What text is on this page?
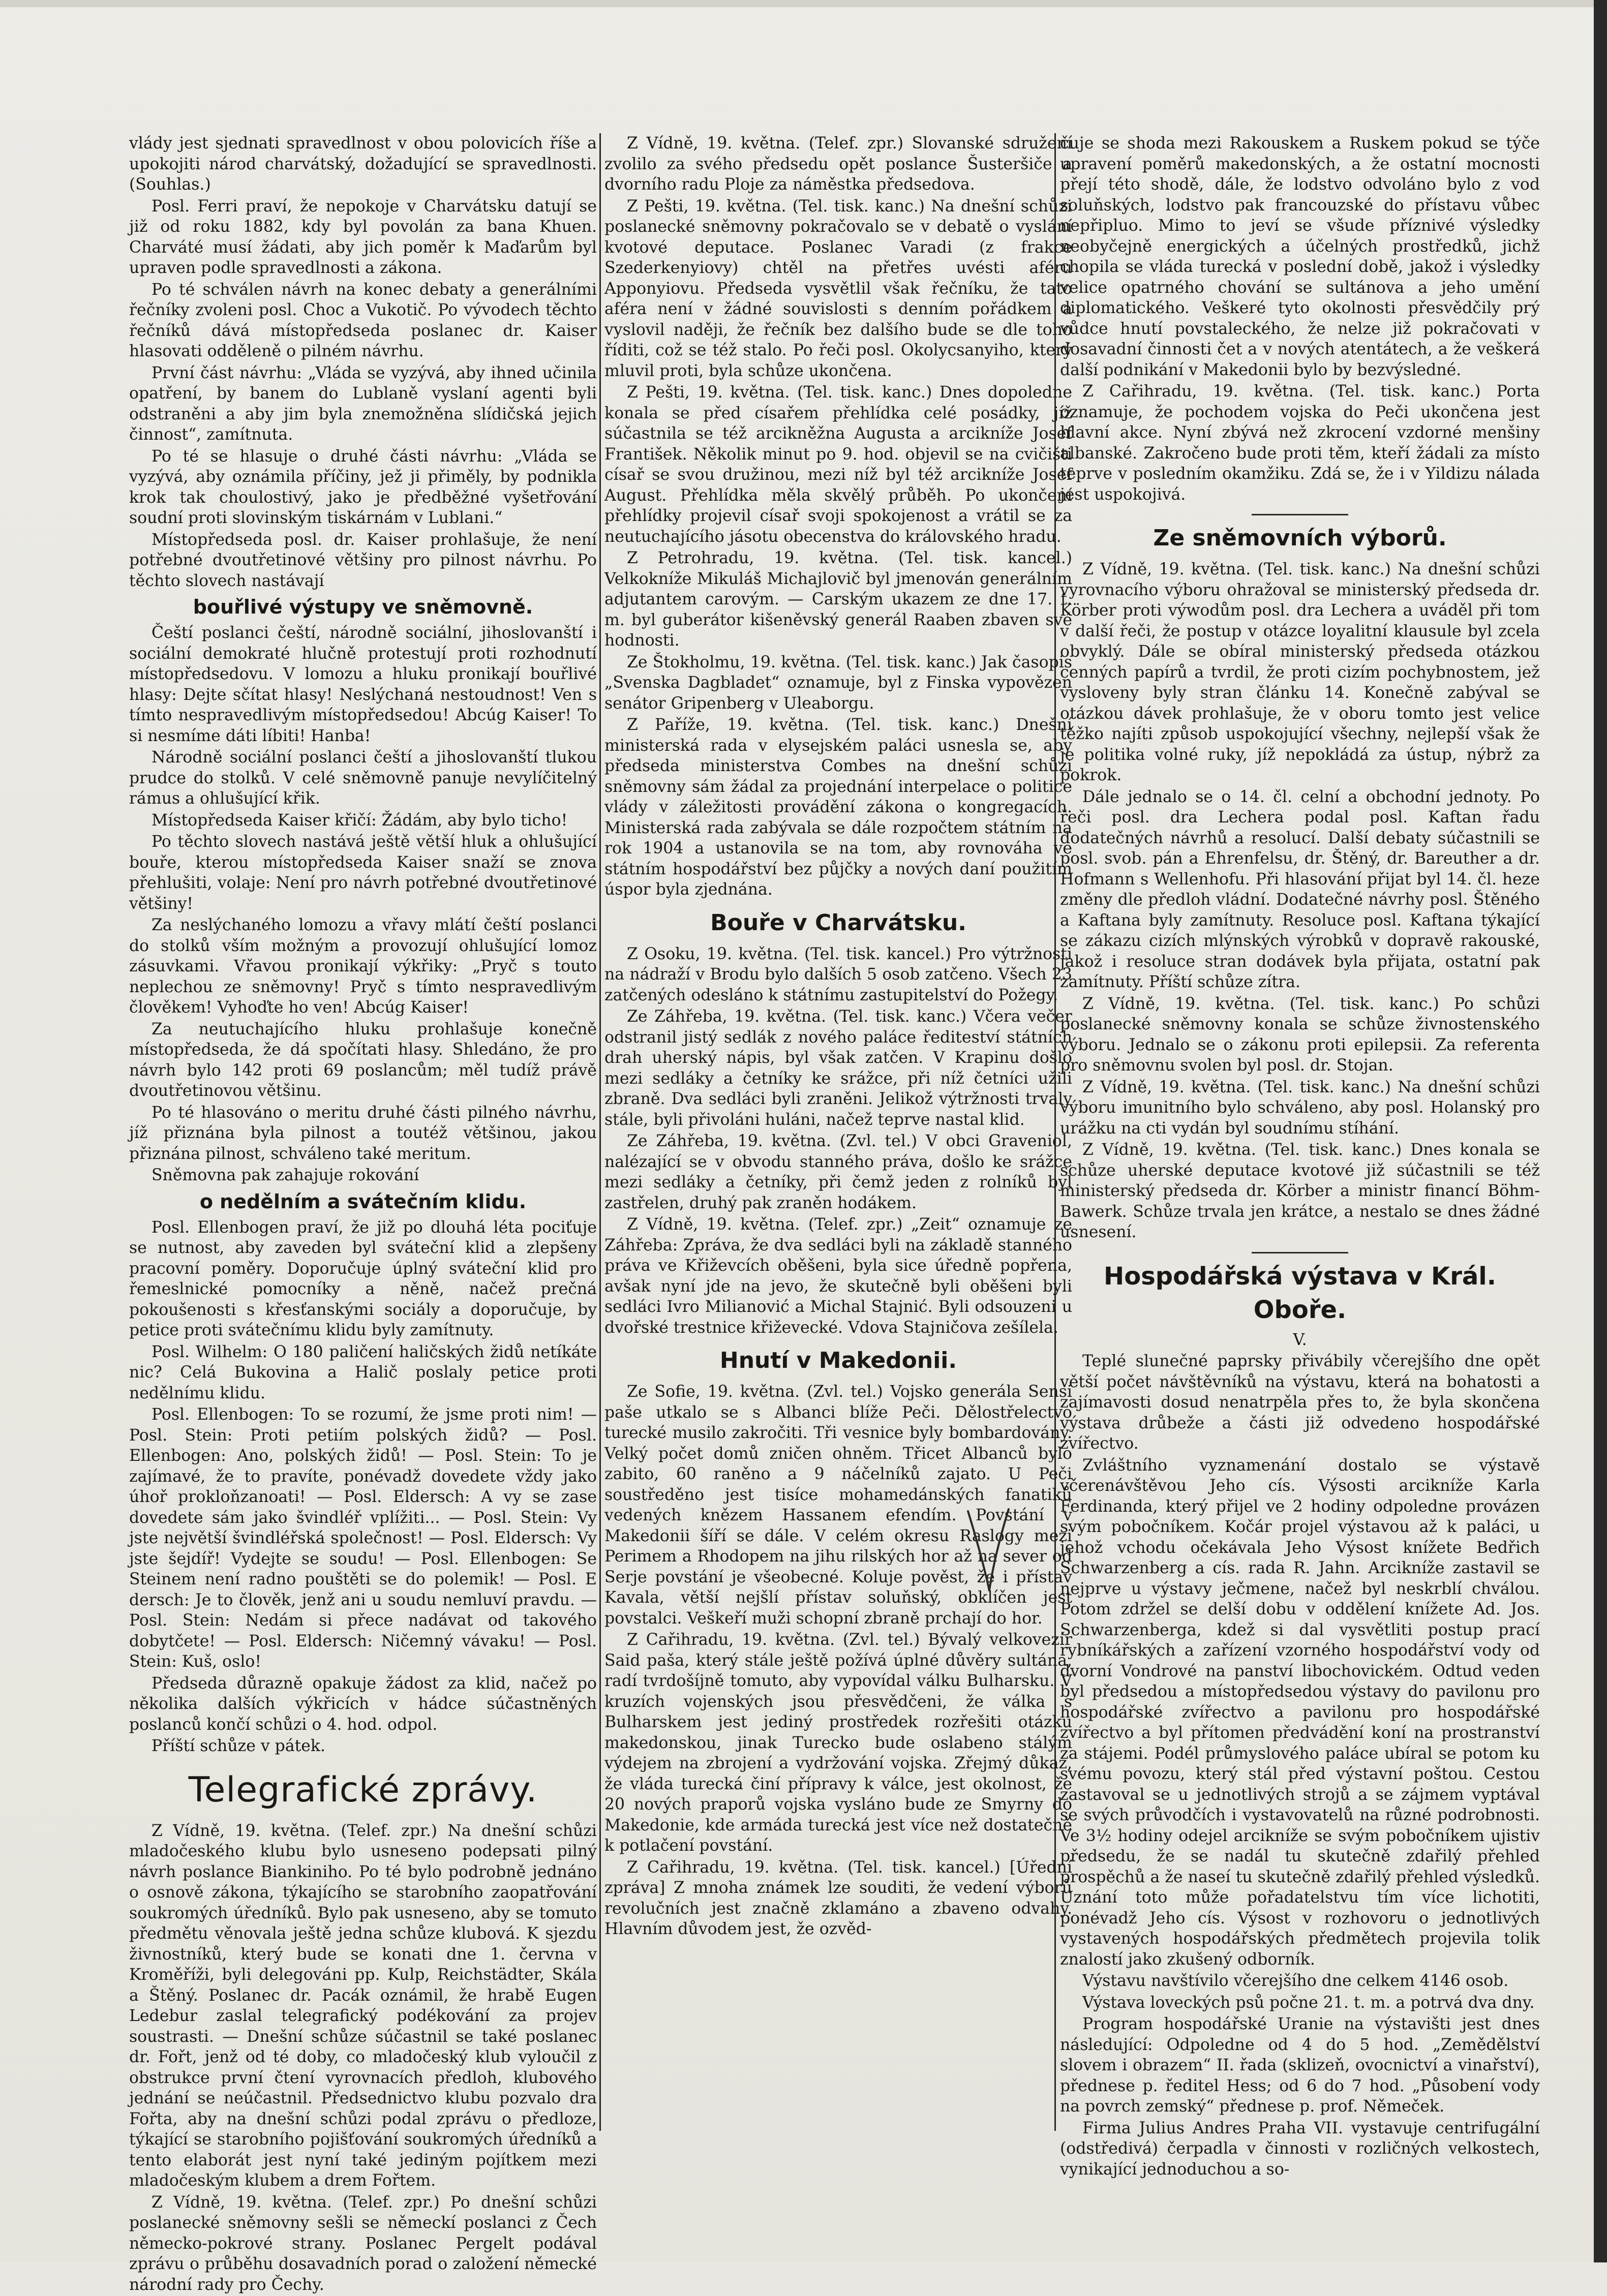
vlády jest sjednati spravedlnost v obou polovicích říše a upokojiti národ charvátský, dožadující se spravedlnosti. (Souhlas.)

Posl. Ferri praví, že nepokoje v Charvátsku datují se již od roku 1882, kdy byl povolán za bana Khuen. Charváté musí žádati, aby jich poměr k Maďarům byl upraven podle spravedlnosti a zákona.

Po té schválen návrh na konec debaty a generálními řečníky zvoleni posl. Choc a Vukotič. Po vývodech těchto řečníků dává místopředseda poslanec dr. Kaiser hlasovati odděleně o pilném návrhu.

První část návrhu: „Vláda se vyzývá, aby ihned učinila opatření, by banem do Lublaně vyslaní agenti byli odstraněni a aby jim byla znemožněna slídičská jejich činnost“, zamítnuta.

Po té se hlasuje o druhé části návrhu: „Vláda se vyzývá, aby oznámila příčiny, jež ji přiměly, by podnikla krok tak choulostivý, jako je předběžné vyšetřování soudní proti slovinským tiskárnám v Lublani.“

Místopředseda posl. dr. Kaiser prohlašuje, že není potřebné dvoutřetinové většiny pro pilnost návrhu. Po těchto slovech nastávají

bouřlivé výstupy ve sněmovně.

Čeští poslanci čeští, národně sociální, jihoslovanští i sociální demokraté hlučně protestují proti rozhodnutí místopředsedovu. V lomozu a hluku pronikají bouřlivé hlasy: Dejte sčítat hlasy! Neslýchaná nestoudnost! Ven s tímto nespravedlivým místopředsedou! Abcúg Kaiser! To si nesmíme dáti líbiti! Hanba!

Národně sociální poslanci čeští a jihoslovanští tlukou prudce do stolků. V celé sněmovně panuje nevylíčitelný rámus a ohlušující křik.

Místopředseda Kaiser křičí: Žádám, aby bylo ticho!

Po těchto slovech nastává ještě větší hluk a ohlušující bouře, kterou místopředseda Kaiser snaží se znova přehlušiti, volaje: Není pro návrh potřebné dvoutřetinové většiny!

Za neslýchaného lomozu a vřavy mlátí čeští poslanci do stolků vším možným a provozují ohlušující lomoz zásuvkami. Vřavou pronikají výkřiky: „Pryč s touto neplechou ze sněmovny! Pryč s tímto nespravedlivým člověkem! Vyhoďte ho ven! Abcúg Kaiser!

Za neutuchajícího hluku prohlašuje konečně místopředseda, že dá spočítati hlasy. Shledáno, že pro návrh bylo 142 proti 69 poslancům; měl tudíž právě dvoutřetinovou většinu.

Po té hlasováno o meritu druhé části pilného návrhu, jíž přiznána byla pilnost a toutéž většinou, jakou přiznána pilnost, schváleno také meritum.

Sněmovna pak zahajuje rokování

o nedělním a svátečním klidu.

Posl. Ellenbogen praví, že již po dlouhá léta pociťuje se nutnost, aby zaveden byl sváteční klid a zlepšeny pracovní poměry. Doporučuje úplný sváteční klid pro řemeslnické pomocníky a něně, načež prečná pokoušenosti s křesťanskými sociály a doporučuje, by petice proti svátečnímu klidu byly zamítnuty.

Posl. Wilhelm: O 180 paličení haličských židů netíkáte nic? Celá Bukovina a Halič poslaly petice proti nedělnímu klidu.

Posl. Ellenbogen: To se rozumí, že jsme proti nim! — Posl. Stein: Proti petiím polských židů? — Posl. Ellenbogen: Ano, polských židů! — Posl. Stein: To je zajímavé, že to pravíte, ponévadž dovedete vždy jako úhoř prokloňzanoati! — Posl. Eldersch: A vy se zase dovedete sám jako švindléř vplížiti... — Posl. Stein: Vy jste největší švindléřská společnost! — Posl. Eldersch: Vy jste šejdíř! Vydejte se soudu! — Posl. Ellenbogen: Se Steinem není radno pouštěti se do polemik! — Posl. E dersch: Je to člověk, jenž ani u soudu nemluví pravdu. — Posl. Stein: Nedám si přece nadávat od takového dobytčete! — Posl. Eldersch: Ničemný vávaku! — Posl. Stein: Kuš, oslo!

Předseda důrazně opakuje žádost za klid, načež po několika dalších výkřicích v hádce súčastněných poslanců končí schůzi o 4. hod. odpol.

Příští schůze v pátek.

Telegrafické zprávy.

Z Vídně, 19. května. (Telef. zpr.) Na dnešní schůzi mladočeského klubu bylo usneseno podepsati pilný návrh poslance Biankiniho. Po té bylo podrobně jednáno o osnově zákona, týkajícího se starobního zaopatřování soukromých úředníků. Bylo pak usneseno, aby se tomuto předmětu věnovala ještě jedna schůze klubová. K sjezdu živnostníků, který bude se konati dne 1. června v Kroměříži, byli delegováni pp. Kulp, Reichstädter, Skála a Štěný. Poslanec dr. Pacák oznámil, že hrabě Eugen Ledebur zaslal telegrafický podékování za projev soustrasti. — Dnešní schůze súčastnil se také poslanec dr. Fořt, jenž od té doby, co mladočeský klub vyloučil z obstrukce první čtení vyrovnacích předloh, klubového jednání se neúčastnil. Předsednictvo klubu pozvalo dra Fořta, aby na dnešní schůzi podal zprávu o předloze, týkající se starobního pojišťování soukromých úředníků a tento elaborát jest nyní také jediným pojítkem mezi mladočeským klubem a drem Fořtem.

Z Vídně, 19. května. (Telef. zpr.) Po dnešní schůzi poslanecké sněmovny sešli se německí poslanci z Čech německo-pokrové strany. Poslanec Pergelt podával zprávu o průběhu dosavadních porad o založení německé národní rady pro Čechy.

Z Vídně, 19. května. (Telef. zpr.) Slovanské sdružení zvolilo za svého předsedu opět poslance Šusteršiče a dvorního radu Ploje za náměstka předsedova.

Z Pešti, 19. května. (Tel. tisk. kanc.) Na dnešní schůzi poslanecké sněmovny pokračovalo se v debatě o vyslání kvotové deputace. Poslanec Varadi (z frakce Szederkenyiovy) chtěl na přetřes uvésti aféru Apponyiovu. Předseda vysvětlil však řečníku, že tato aféra není v žádné souvislosti s denním pořádkem a vyslovil naději, že řečník bez dalšího bude se dle toho říditi, což se též stalo. Po řeči posl. Okolycsanyiho, který mluvil proti, byla schůze ukončena.

Z Pešti, 19. května. (Tel. tisk. kanc.) Dnes dopoledne konala se před císařem přehlídka celé posádky, jíž súčastnila se též arcikněžna Augusta a arcikníže Josef František. Několik minut po 9. hod. objevil se na cvičišti císař se svou družinou, mezi níž byl též arcikníže Josef August. Přehlídka měla skvělý průběh. Po ukončení přehlídky projevil císař svoji spokojenost a vrátil se za neutuchajícího jásotu obecenstva do královského hradu.

Z Petrohradu, 19. května. (Tel. tisk. kancel.) Velkokníže Mikuláš Michajlovič byl jmenován generálním adjutantem carovým. — Carským ukazem ze dne 17. t. m. byl guberátor kišeněvský generál Raaben zbaven své hodnosti.

Ze Štokholmu, 19. května. (Tel. tisk. kanc.) Jak časopis „Svenska Dagbladet“ oznamuje, byl z Finska vypovězen senátor Gripenberg v Uleaborgu.

Z Paříže, 19. května. (Tel. tisk. kanc.) Dnešní ministerská rada v elysejském paláci usnesla se, aby předseda ministerstva Combes na dnešní schůzi sněmovny sám žádal za projednání interpelace o politice vlády v záležitosti provádění zákona o kongregacích. Ministerská rada zabývala se dále rozpočtem státním na rok 1904 a ustanovila se na tom, aby rovnováha ve státním hospodářství bez půjčky a nových daní použitím úspor byla zjednána.

Bouře v Charvátsku.

Z Osoku, 19. května. (Tel. tisk. kancel.) Pro výtržnosti na nádraží v Brodu bylo dalších 5 osob zatčeno. Všech 23 zatčených odesláno k státnímu zastupitelství do Požegy.

Ze Záhřeba, 19. května. (Tel. tisk. kanc.) Včera večer odstranil jistý sedlák z nového paláce řediteství státních drah uherský nápis, byl však zatčen. V Krapinu došlo mezi sedláky a četníky ke srážce, při níž četníci užili zbraně. Dva sedláci byli zraněni. Jelikož výtržnosti trvaly stále, byli přivoláni huláni, načež teprve nastal klid.

Ze Záhřeba, 19. května. (Zvl. tel.) V obci Graveniol, nalézající se v obvodu stanného práva, došlo ke srážce mezi sedláky a četníky, při čemž jeden z rolníků byl zastřelen, druhý pak zraněn hodákem.

Z Vídně, 19. května. (Telef. zpr.) „Zeit“ oznamuje ze Záhřeba: Zpráva, že dva sedláci byli na základě stanného práva ve Křiževcích oběšeni, byla sice úředně popřena, avšak nyní jde na jevo, že skutečně byli oběšeni byli sedláci Ivro Milianović a Michal Stajnić. Byli odsouzeni u dvořské trestnice křiževecké. Vdova Stajničova zešílela.

Hnutí v Makedonii.

Ze Sofie, 19. května. (Zvl. tel.) Vojsko generála Sensi paše utkalo se s Albanci blíže Peči. Dělostřelectvo turecké musilo zakročiti. Tři vesnice byly bombardovány. Velký počet domů zničen ohněm. Třicet Albanců bylo zabito, 60 raněno a 9 náčelníků zajato. U Peči soustředěno jest tisíce mohamedánských fanatiků vedených knězem Hassanem efendím. Povstání v Makedonii šíří se dále. V celém okresu Raslogy mezi Perimem a Rhodopem na jihu rilských hor až na sever od Serje povstání je všeobecné. Koluje pověst, že i přístav Kavala, větší nejšlí přístav soluňský, obklíčen jest povstalci. Veškeří muži schopní zbraně prchají do hor.

Z Cařihradu, 19. května. (Zvl. tel.) Bývalý velkovezír Said paša, který stále ještě požívá úplné důvěry sultána, radí tvrdošíjně tomuto, aby vypovídal válku Bulharsku. V kruzích vojenských jsou přesvědčeni, že válka s Bulharskem jest jediný prostředek rozřešiti otázku makedonskou, jinak Turecko bude oslabeno stálým výdejem na zbrojení a vydržování vojska. Zřejmý důkaz, že vláda turecká činí přípravy k válce, jest okolnost, že 20 nových praporů vojska vysláno bude ze Smyrny do Makedonie, kde armáda turecká jest více než dostatečně k potlačení povstání.

Z Cařihradu, 19. května. (Tel. tisk. kancel.) [Úřední zpráva] Z mnoha známek lze souditi, že vedení výborů revolučních jest značně zklamáno a zbaveno odvahy. Hlavním důvodem jest, že ozvěd-

čuje se shoda mezi Rakouskem a Ruskem pokud se týče upravení poměrů makedonských, a že ostatní mocnosti přejí této shodě, dále, že lodstvo odvoláno bylo z vod soluňských, lodstvo pak francouzské do přístavu vůbec nepřipluo. Mimo to jeví se všude příznivé výsledky neobyčejně energických a účelných prostředků, jichž chopila se vláda turecká v poslední době, jakož i výsledky velice opatrného chování se sultánova a jeho umění diplomatického. Veškeré tyto okolnosti přesvědčily prý vůdce hnutí povstaleckého, že nelze již pokračovati v dosavadní činnosti čet a v nových atentátech, a že veškerá další podnikání v Makedonii bylo by bezvýsledné.

Z Cařihradu, 19. května. (Tel. tisk. kanc.) Porta oznamuje, že pochodem vojska do Peči ukončena jest hlavní akce. Nyní zbývá než zkrocení vzdorné menšiny albanské. Zakročeno bude proti těm, kteří žádali za místo teprve v posledním okamžiku. Zdá se, že i v Yildizu nálada jest uspokojivá.

Ze sněmovních výborů.

Z Vídně, 19. května. (Tel. tisk. kanc.) Na dnešní schůzi vyrovnacího výboru ohražoval se ministerský předseda dr. Körber proti výwodům posl. dra Lechera a uváděl při tom v další řeči, že postup v otázce loyalitní klausule byl zcela obvyklý. Dále se obíral ministerský předseda otázkou cenných papírů a tvrdil, že proti cizím pochybnostem, jež vysloveny byly stran článku 14. Konečně zabýval se otázkou dávek prohlašuje, že v oboru tomto jest velice těžko najíti způsob uspokojující všechny, nejlepší však že je politika volné ruky, jíž nepokládá za ústup, nýbrž za pokrok.

Dále jednalo se o 14. čl. celní a obchodní jednoty. Po řeči posl. dra Lechera podal posl. Kaftan řadu dodatečných návrhů a resolucí. Další debaty súčastnili se posl. svob. pán a Ehrenfelsu, dr. Štěný, dr. Bareuther a dr. Hofmann s Wellenhofu. Při hlasování přijat byl 14. čl. heze změny dle předloh vládní. Dodatečné návrhy posl. Štěného a Kaftana byly zamítnuty. Resoluce posl. Kaftana týkající se zákazu cizích mlýnských výrobků v dopravě rakouské, jakož i resoluce stran dodávek byla přijata, ostatní pak zamítnuty. Příští schůze zítra.

Z Vídně, 19. května. (Tel. tisk. kanc.) Po schůzi poslanecké sněmovny konala se schůze živnostenského výboru. Jednalo se o zákonu proti epilepsii. Za referenta pro sněmovnu svolen byl posl. dr. Stojan.

Z Vídně, 19. května. (Tel. tisk. kanc.) Na dnešní schůzi výboru imunitního bylo schváleno, aby posl. Holanský pro urážku na cti vydán byl soudnímu stíhání.

Z Vídně, 19. května. (Tel. tisk. kanc.) Dnes konala se schůze uherské deputace kvotové již súčastnili se též ministerský předseda dr. Körber a ministr financí Böhm-Bawerk. Schůze trvala jen krátce, a nestalo se dnes žádné usnesení.

Hospodářská výstava v Král. Oboře.

V.

Teplé slunečné paprsky přivábily včerejšího dne opět větší počet návštěvníků na výstavu, která na bohatosti a zajímavosti dosud nenatrpěla přes to, že byla skončena výstava drůbeže a části již odvedeno hospodářské zvířectvo.

Zvláštního vyznamenání dostalo se výstavě včerenávštěvou Jeho cís. Výsosti arcikníže Karla Ferdinanda, který přijel ve 2 hodiny odpoledne provázen svým pobočníkem. Kočár projel výstavou až k paláci, u jehož vchodu očekávala Jeho Výsost knížete Bedřich Schwarzenberg a cís. rada R. Jahn. Arcikníže zastavil se nejprve u výstavy ječmene, načež byl neskrblí chválou. Potom zdržel se delší dobu v oddělení knížete Ad. Jos. Schwarzenberga, kdež si dal vysvětliti postup prací rybníkářských a zařízení vzorného hospodářství vody od dvorní Vondrové na panství libochovickém. Odtud veden byl předsedou a místopředsedou výstavy do pavilonu pro hospodářské zvířectvo a pavilonu pro hospodářské zvířectvo a byl přítomen předvádění koní na prostranství za stájemi. Podél průmyslového paláce ubíral se potom ku svému povozu, který stál před výstavní poštou. Cestou zastavoval se u jednotlivých strojů a se zájmem vyptával se svých průvodčích i vystavovatelů na různé podrobnosti. Ve 3½ hodiny odejel arcikníže se svým pobočníkem ujistiv předsedu, že se nadál tu skutečně zdařilý přehled prospěchů a že naseí tu skutečně zdařilý přehled výsledků. Uznání toto může pořadatelstvu tím více lichotiti, ponévadž Jeho cís. Výsost v rozhovoru o jednotlivých vystavených hospodářských předmětech projevila tolik znalostí jako zkušený odborník.

Výstavu navštívilo včerejšího dne celkem 4146 osob.

Výstava loveckých psů počne 21. t. m. a potrvá dva dny.

Program hospodářské Uranie na výstavišti jest dnes následující: Odpoledne od 4 do 5 hod. „Zemědělství slovem i obrazem“ II. řada (sklizeň, ovocnictví a vinařství), přednese p. ředitel Hess; od 6 do 7 hod. „Působení vody na povrch zemský“ přednese p. prof. Němeček.

Firma Julius Andres Praha VII. vystavuje centrifugální (odstředivá) čerpadla v činnosti v rozličných velkostech, vynikající jednoduchou a so-
